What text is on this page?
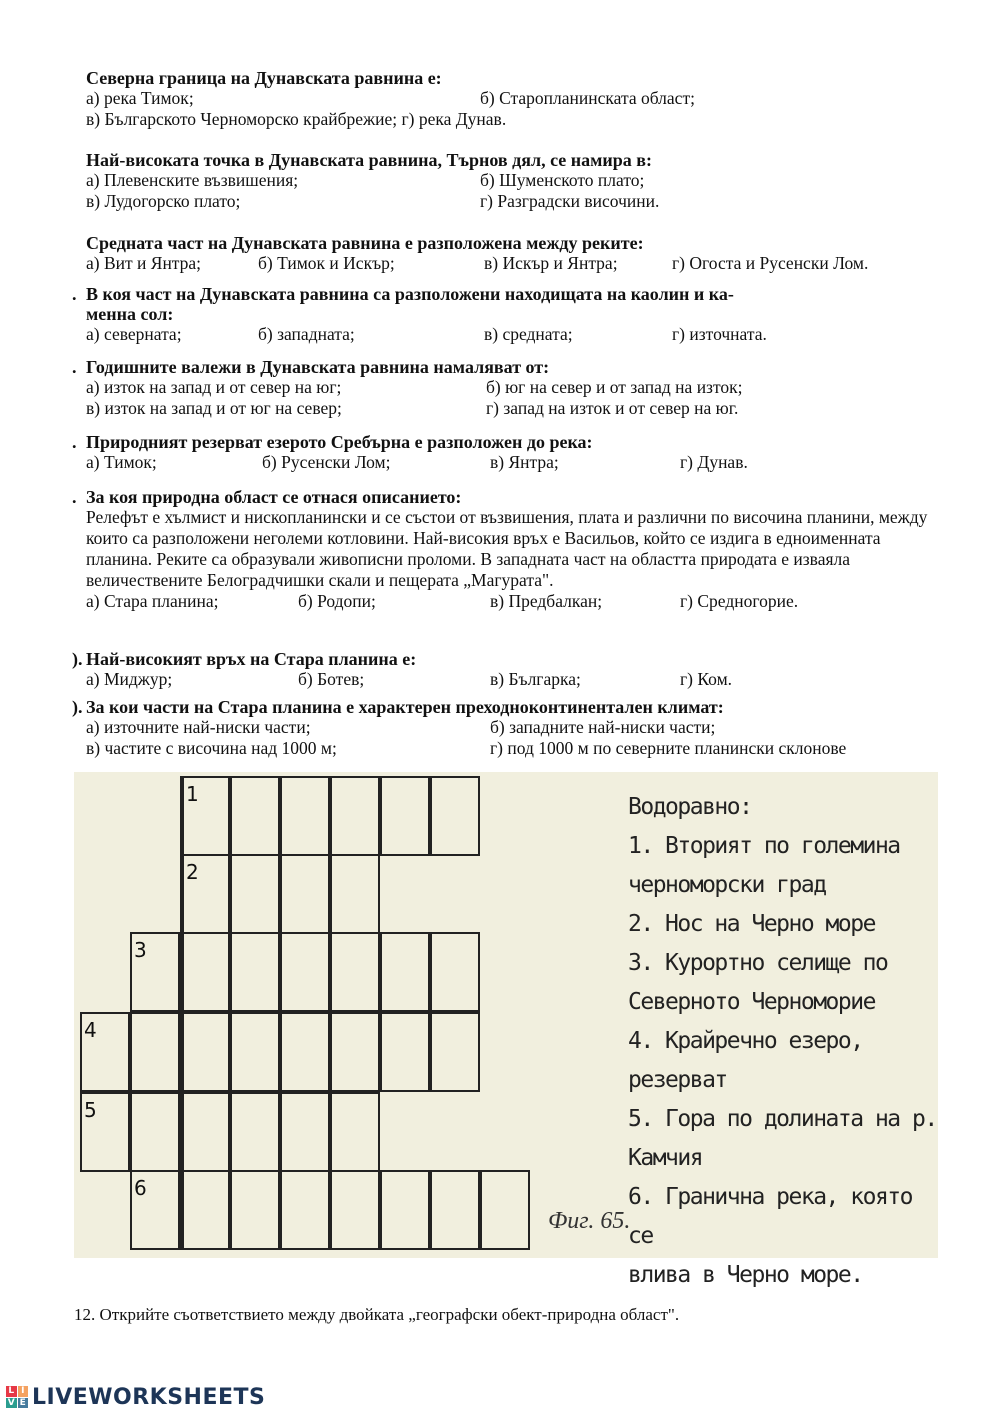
Северна граница на Дунавската равнина е:
а) река Тимок;	б) Старопланинската област;
в) Българското Черноморско крайбрежие; г) река Дунав.
Най-високата точка в Дунавската равнина, Търнов дял, се намира в:
а) Плевенските възвишения;	б) Шуменското плато;
в) Лудогорско плато;	г) Разградски височини.
Средната част на Дунавската равнина е разположена между реките:
а) Вит и Янтра;	б) Тимок и Искър;	в) Искър и Янтра;	г) Огоста и Русенски Лом.
. В коя част на Дунавската равнина са разположени находищата на каолин и ка-
менна сол:
а) северната;	б) западната;	в) средната;	г) източната.
. Годишните валежи в Дунавската равнина намаляват от:
а) изток на запад и от север на юг;	б) юг на север и от запад на изток;
в) изток на запад и от юг на север;	г) запад на изток и от север на юг.
. Природният резерват езерото Сребърна е разположен до река:
а) Тимок;	б) Русенски Лом;	в) Янтра;	г) Дунав.
. За коя природна област се отнася описанието:
Релефът е хълмист и нископланински и се състои от възвишения, плата и различни по височина планини, между които са разположени неголеми котловини. Най-високия връх е Васильов, който се издига в едноименната планина. Реките са образували живописни проломи. В западната част на областта природата е изваяла величествените Белоградчишки скали и пещерата „Магурата".
а) Стара планина;	б) Родопи;	в) Предбалкан;	г) Средногорие.
). Най-високият връх на Стара планина е:
а) Миджур;	б) Ботев;	в) Българка;	г) Ком.
). За кои части на Стара планина е характерен преходноконтинентален климат:
а) източните най-ниски части;	б) западните най-ниски части;
в) частите с височина над 1000 м;	г) под 1000 м по северните планински склонове
1
2
3
4
5
6
Водоравно:
1. Вторият по големина
черноморски град
2. Нос на Черно море
3. Курортно селище по
Северното Черноморие
4. Крайречно езеро, резерват
5. Гора по долината на р.
Камчия
6. Гранична река, която се
влива в Черно море.
Фиг. 65.
12. Открийте съответствието между двойката „географски обект-природна област".
L I
V E LIVEWORKSHEETS
